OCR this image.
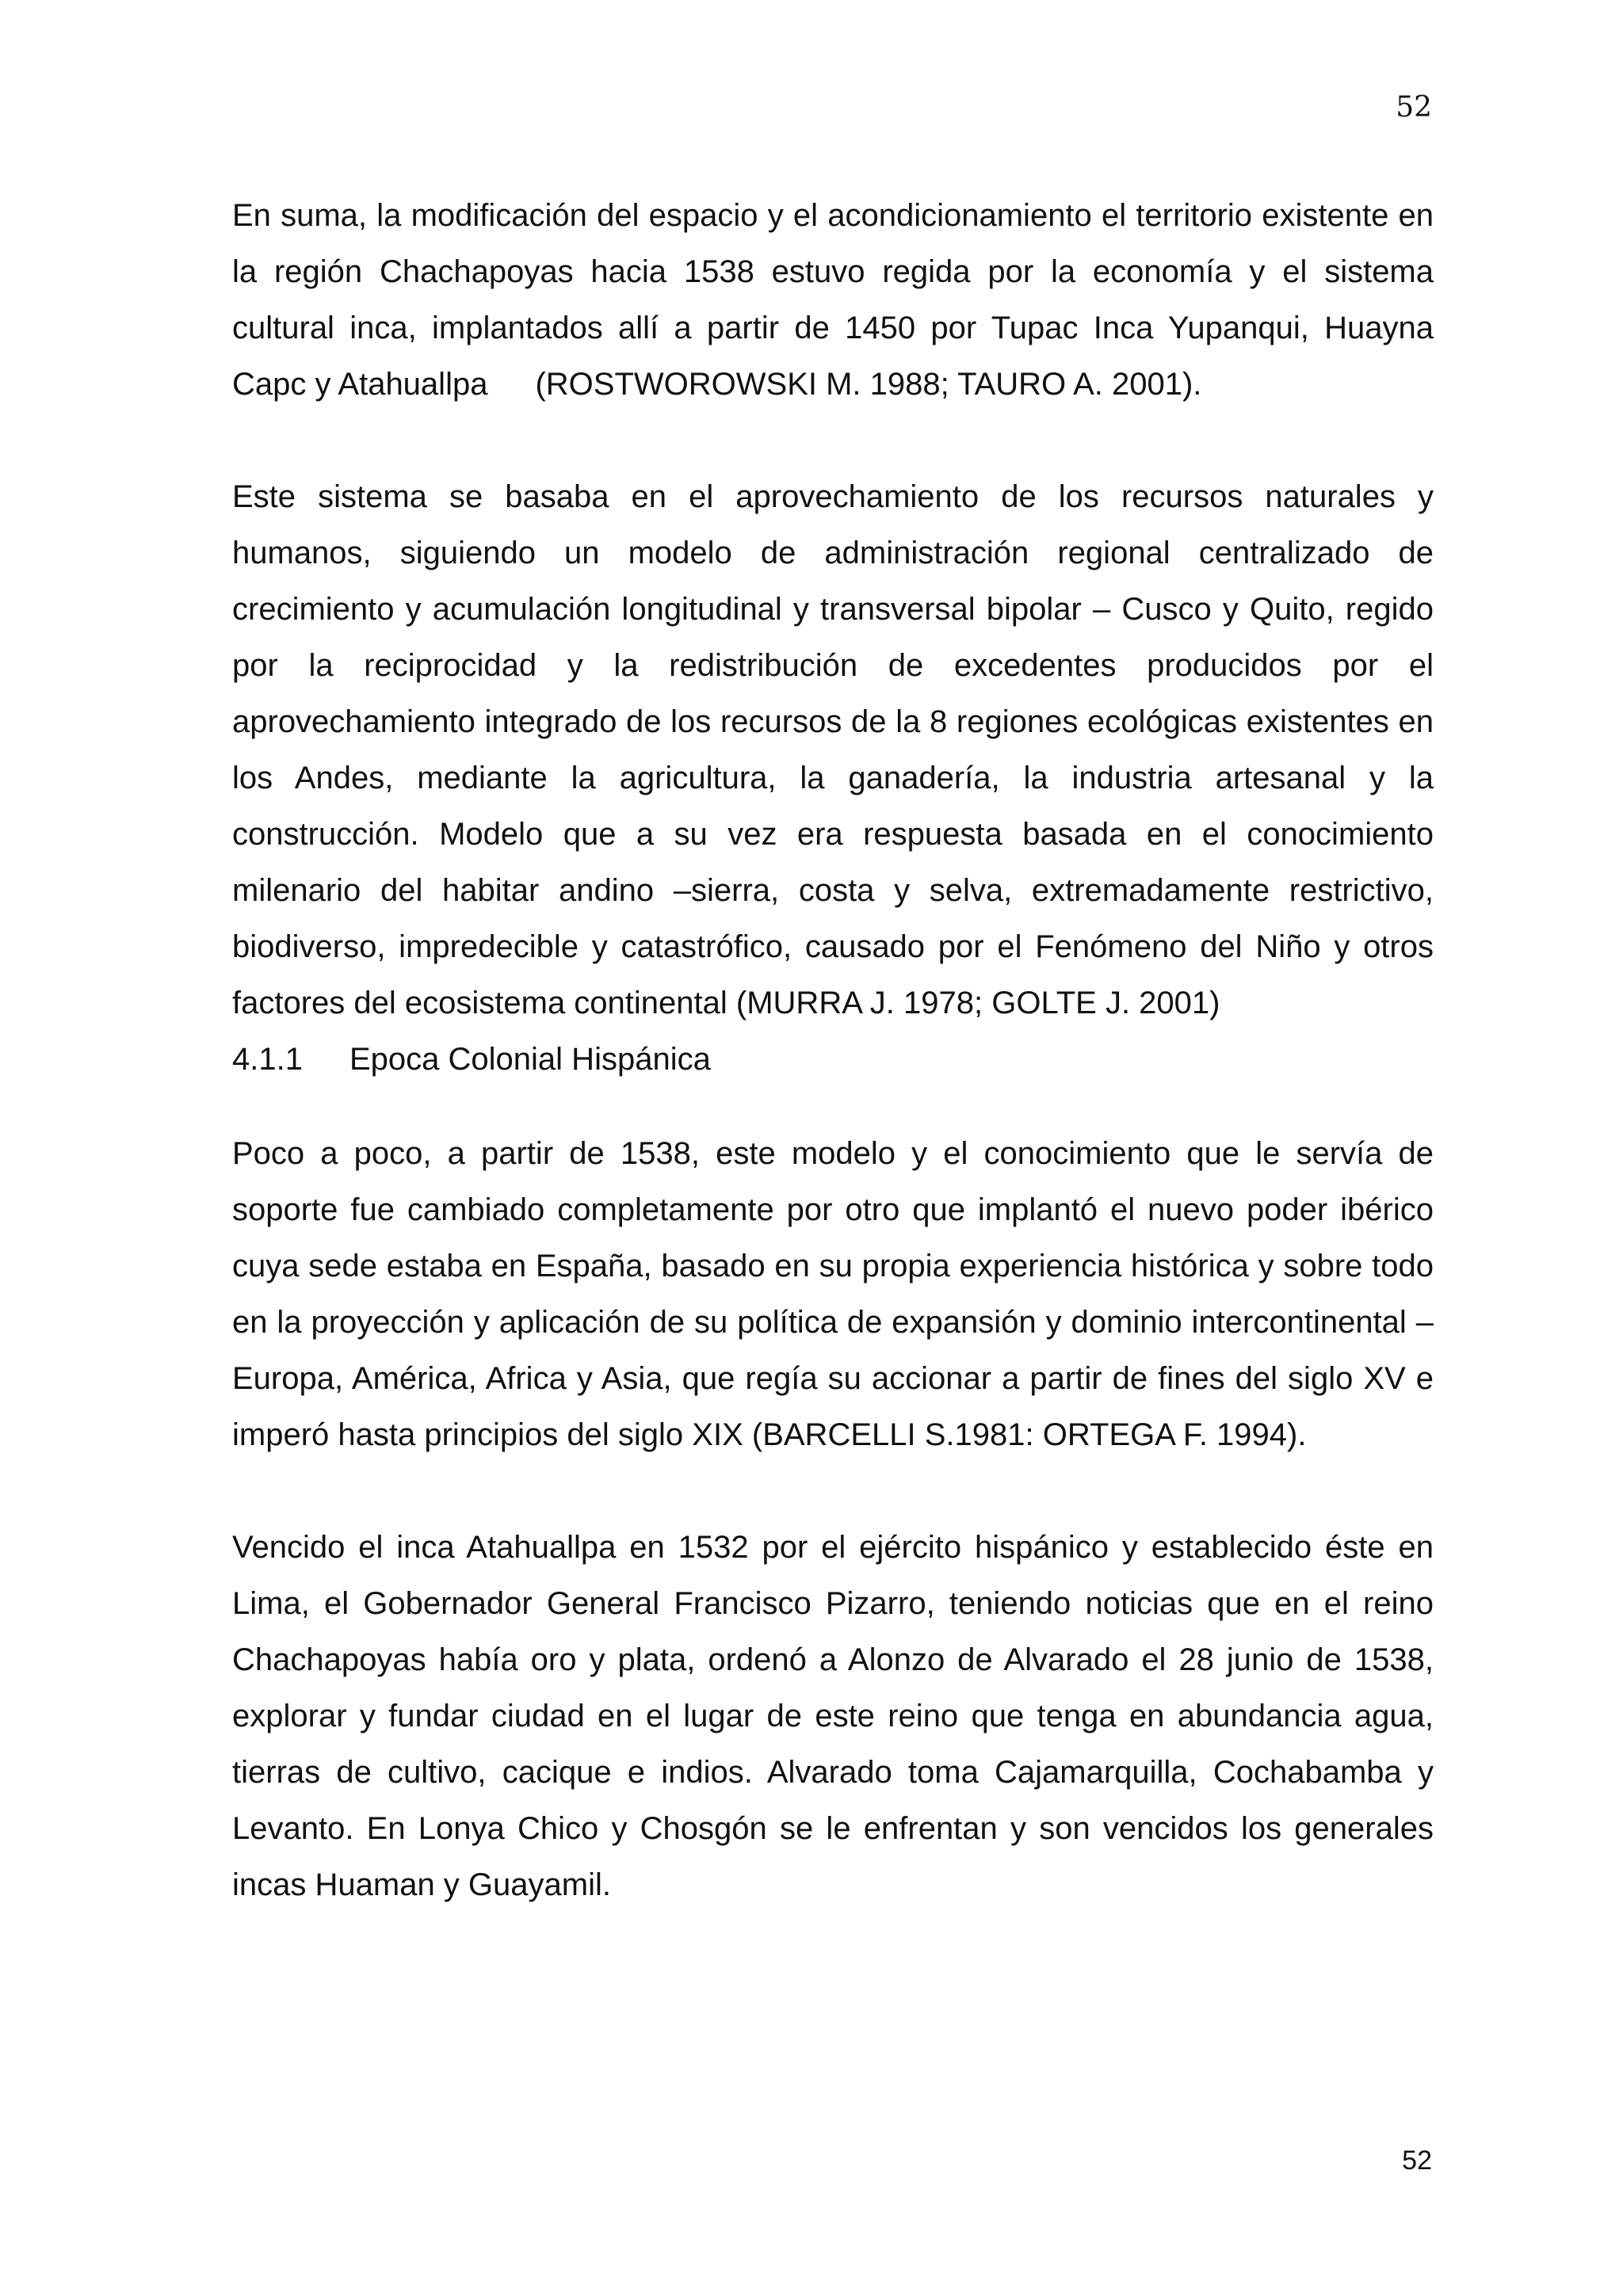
52

En suma, la modificación del espacio y el acondicionamiento el territorio existente en la región Chachapoyas hacia 1538 estuvo regida por la economía y el sistema cultural inca, implantados allí a partir de 1450 por Tupac Inca Yupanqui, Huayna Capc y Atahuallpa (ROSTWOROWSKI M. 1988; TAURO A. 2001).

Este sistema se basaba en el aprovechamiento de los recursos naturales y humanos, siguiendo un modelo de administración regional centralizado de crecimiento y acumulación longitudinal y transversal bipolar – Cusco y Quito, regido por la reciprocidad y la redistribución de excedentes producidos por el aprovechamiento integrado de los recursos de la 8 regiones ecológicas existentes en los Andes, mediante la agricultura, la ganadería, la industria artesanal y la construcción. Modelo que a su vez era respuesta basada en el conocimiento milenario del habitar andino –sierra, costa y selva, extremadamente restrictivo, biodiverso, impredecible y catastrófico, causado por el Fenómeno del Niño y otros factores del ecosistema continental (MURRA J. 1978; GOLTE J. 2001)

4.1.1 Epoca Colonial Hispánica

Poco a poco, a partir de 1538, este modelo y el conocimiento que le servía de soporte fue cambiado completamente por otro que implantó el nuevo poder ibérico cuya sede estaba en España, basado en su propia experiencia histórica y sobre todo en la proyección y aplicación de su política de expansión y dominio intercontinental – Europa, América, Africa y Asia, que regía su accionar a partir de fines del siglo XV e imperó hasta principios del siglo XIX (BARCELLI S.1981: ORTEGA F. 1994).

Vencido el inca Atahuallpa en 1532 por el ejército hispánico y establecido éste en Lima, el Gobernador General Francisco Pizarro, teniendo noticias que en el reino Chachapoyas había oro y plata, ordenó a Alonzo de Alvarado el 28 junio de 1538, explorar y fundar ciudad en el lugar de este reino que tenga en abundancia agua, tierras de cultivo, cacique e indios. Alvarado toma Cajamarquilla, Cochabamba y Levanto. En Lonya Chico y Chosgón se le enfrentan y son vencidos los generales incas Huaman y Guayamil.

52
